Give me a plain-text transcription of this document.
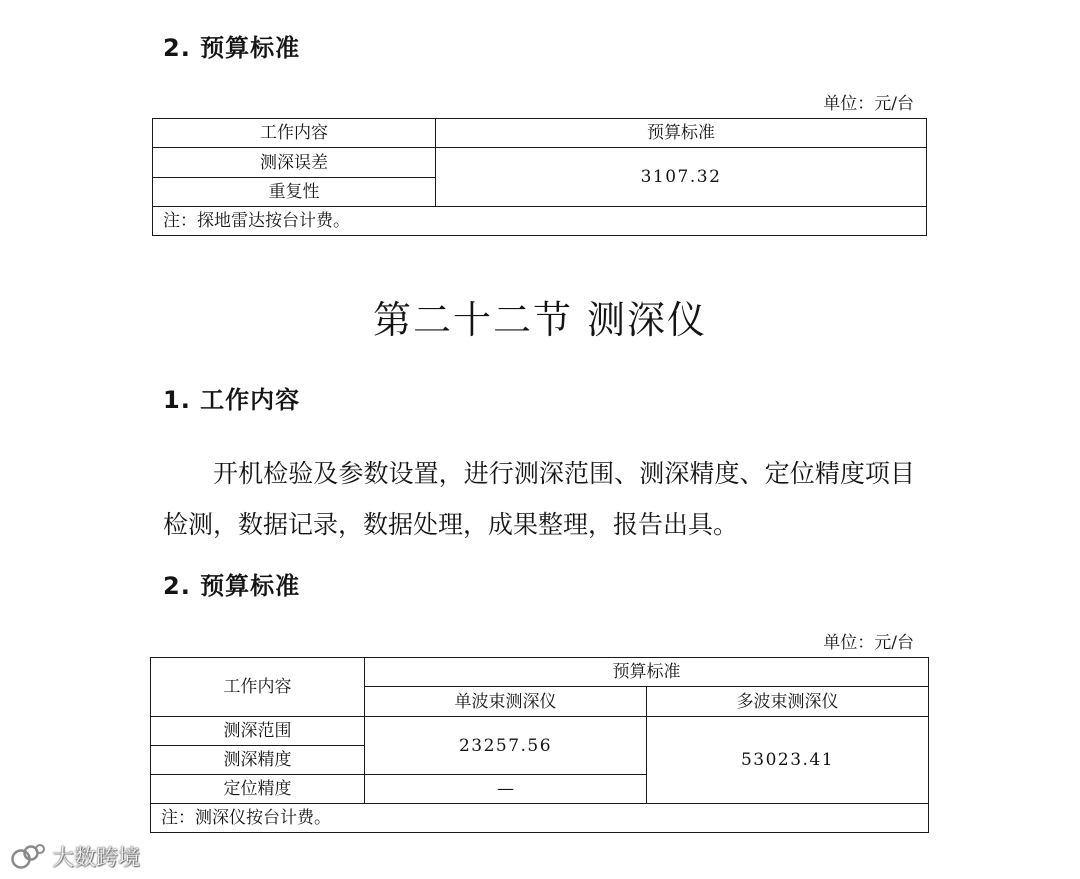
2. 预算标准
单位：元/台
工作内容	预算标准
测深误差	3107.32
重复性	
注：探地雷达按台计费。	
第二十二节 测深仪
1. 工作内容

开机检验及参数设置，进行测深范围、测深精度、定位精度项目检测，数据记录，数据处理，成果整理，报告出具。

2. 预算标准
单位：元/台
工作内容	预算标准	
	单波束测深仪	多波束测深仪
测深范围	23257.56	53023.41
测深精度		
定位精度	—	
注：测深仪按台计费。		
大数跨境
